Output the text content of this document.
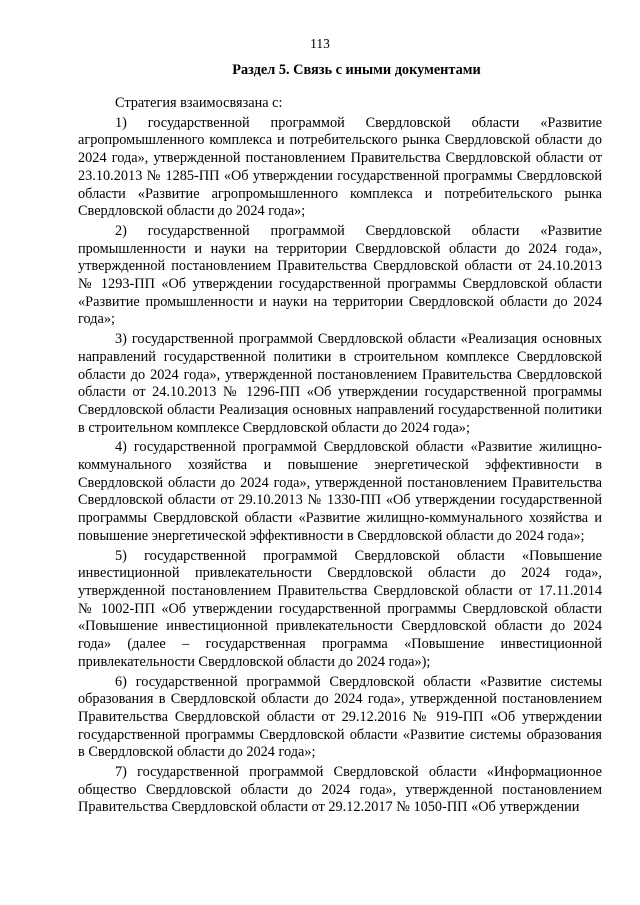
113
Раздел 5. Связь с иными документами

Стратегия взаимосвязана с:

1) государственной программой Свердловской области «Развитие агропромышленного комплекса и потребительского рынка Свердловской области до 2024 года», утвержденной постановлением Правительства Свердловской области от 23.10.2013 № 1285-ПП «Об утверждении государственной программы Свердловской области «Развитие агропромышленного комплекса и потребительского рынка Свердловской области до 2024 года»;

2) государственной программой Свердловской области «Развитие промышленности и науки на территории Свердловской области до 2024 года», утвержденной постановлением Правительства Свердловской области от 24.10.2013 № 1293-ПП «Об утверждении государственной программы Свердловской области «Развитие промышленности и науки на территории Свердловской области до 2024 года»;

3) государственной программой Свердловской области «Реализация основных направлений государственной политики в строительном комплексе Свердловской области до 2024 года», утвержденной постановлением Правительства Свердловской области от 24.10.2013 № 1296-ПП «Об утверждении государственной программы Свердловской области Реализация основных направлений государственной политики в строительном комплексе Свердловской области до 2024 года»;

4) государственной программой Свердловской области «Развитие жилищно-коммунального хозяйства и повышение энергетической эффективности в Свердловской области до 2024 года», утвержденной постановлением Правительства Свердловской области от 29.10.2013 № 1330-ПП «Об утверждении государственной программы Свердловской области «Развитие жилищно-коммунального хозяйства и повышение энергетической эффективности в Свердловской области до 2024 года»;

5) государственной программой Свердловской области «Повышение инвестиционной привлекательности Свердловской области до 2024 года», утвержденной постановлением Правительства Свердловской области от 17.11.2014 № 1002-ПП «Об утверждении государственной программы Свердловской области «Повышение инвестиционной привлекательности Свердловской области до 2024 года» (далее – государственная программа «Повышение инвестиционной привлекательности Свердловской области до 2024 года»);

6) государственной программой Свердловской области «Развитие системы образования в Свердловской области до 2024 года», утвержденной постановлением Правительства Свердловской области от 29.12.2016 № 919-ПП «Об утверждении государственной программы Свердловской области «Развитие системы образования в Свердловской области до 2024 года»;

7) государственной программой Свердловской области «Информационное общество Свердловской области до 2024 года», утвержденной постановлением Правительства Свердловской области от 29.12.2017 № 1050-ПП «Об утверждении
